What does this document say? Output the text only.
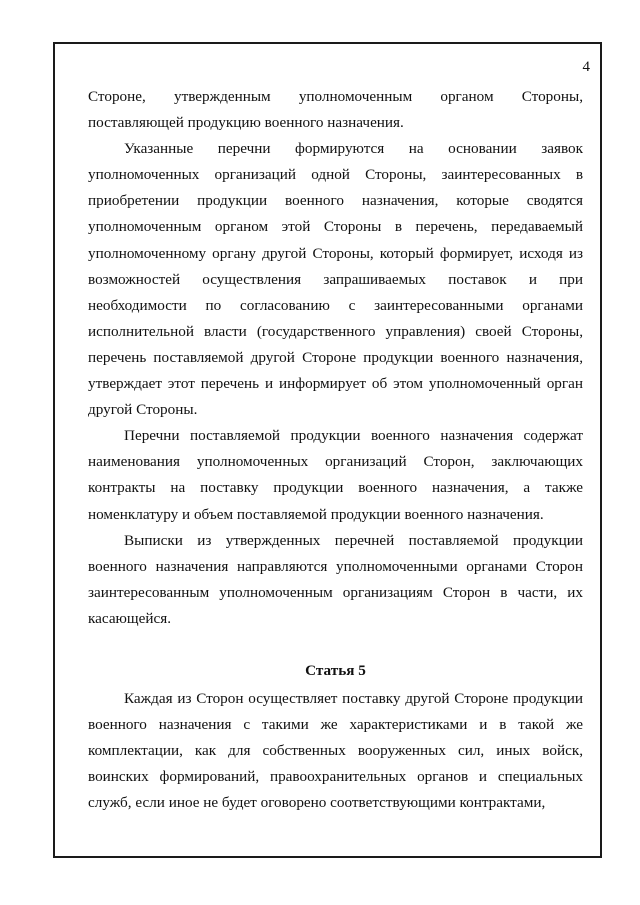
4

Стороне, утвержденным уполномоченным органом Стороны, поставляющей продукцию военного назначения.

Указанные перечни формируются на основании заявок уполномоченных организаций одной Стороны, заинтересованных в приобретении продукции военного назначения, которые сводятся уполномоченным органом этой Стороны в перечень, передаваемый уполномоченному органу другой Стороны, который формирует, исходя из возможностей осуществления запрашиваемых поставок и при необходимости по согласованию с заинтересованными органами исполнительной власти (государственного управления) своей Стороны, перечень поставляемой другой Стороне продукции военного назначения, утверждает этот перечень и информирует об этом уполномоченный орган другой Стороны.

Перечни поставляемой продукции военного назначения содержат наименования уполномоченных организаций Сторон, заключающих контракты на поставку продукции военного назначения, а также номенклатуру и объем поставляемой продукции военного назначения.

Выписки из утвержденных перечней поставляемой продукции военного назначения направляются уполномоченными органами Сторон заинтересованным уполномоченным организациям Сторон в части, их касающейся.

Статья 5

Каждая из Сторон осуществляет поставку другой Стороне продукции военного назначения с такими же характеристиками и в такой же комплектации, как для собственных вооруженных сил, иных войск, воинских формирований, правоохранительных органов и специальных служб, если иное не будет оговорено соответствующими контрактами,
